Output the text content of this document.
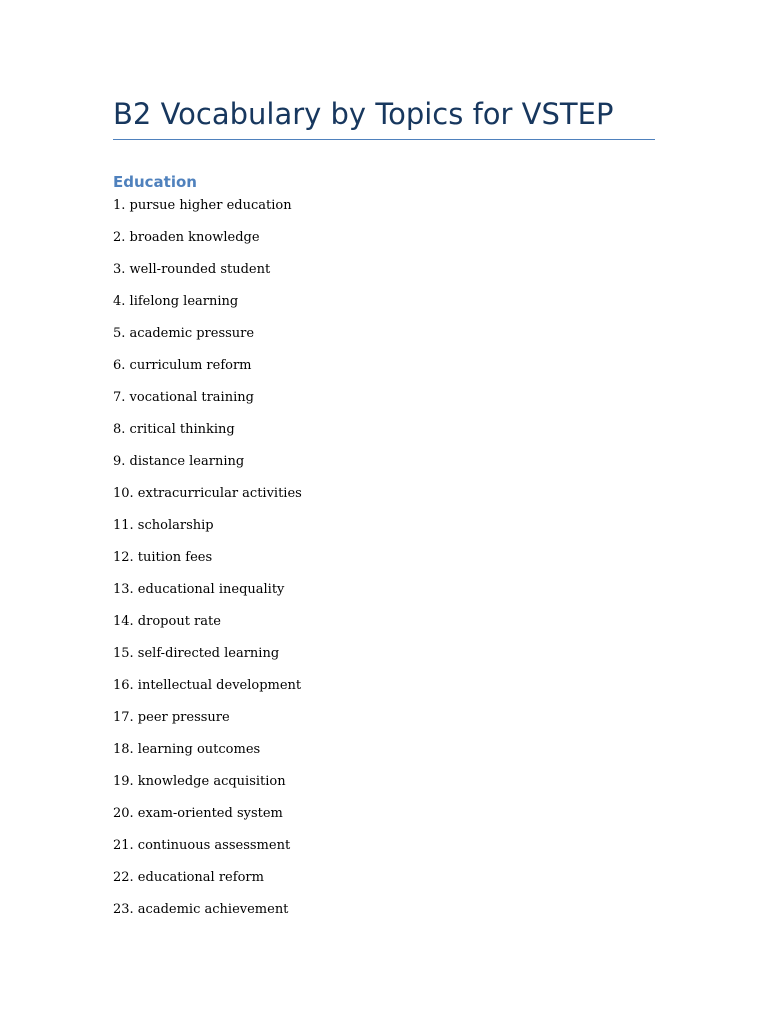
B2 Vocabulary by Topics for VSTEP
Education
1. pursue higher education
2. broaden knowledge
3. well-rounded student
4. lifelong learning
5. academic pressure
6. curriculum reform
7. vocational training
8. critical thinking
9. distance learning
10. extracurricular activities
11. scholarship
12. tuition fees
13. educational inequality
14. dropout rate
15. self-directed learning
16. intellectual development
17. peer pressure
18. learning outcomes
19. knowledge acquisition
20. exam-oriented system
21. continuous assessment
22. educational reform
23. academic achievement
